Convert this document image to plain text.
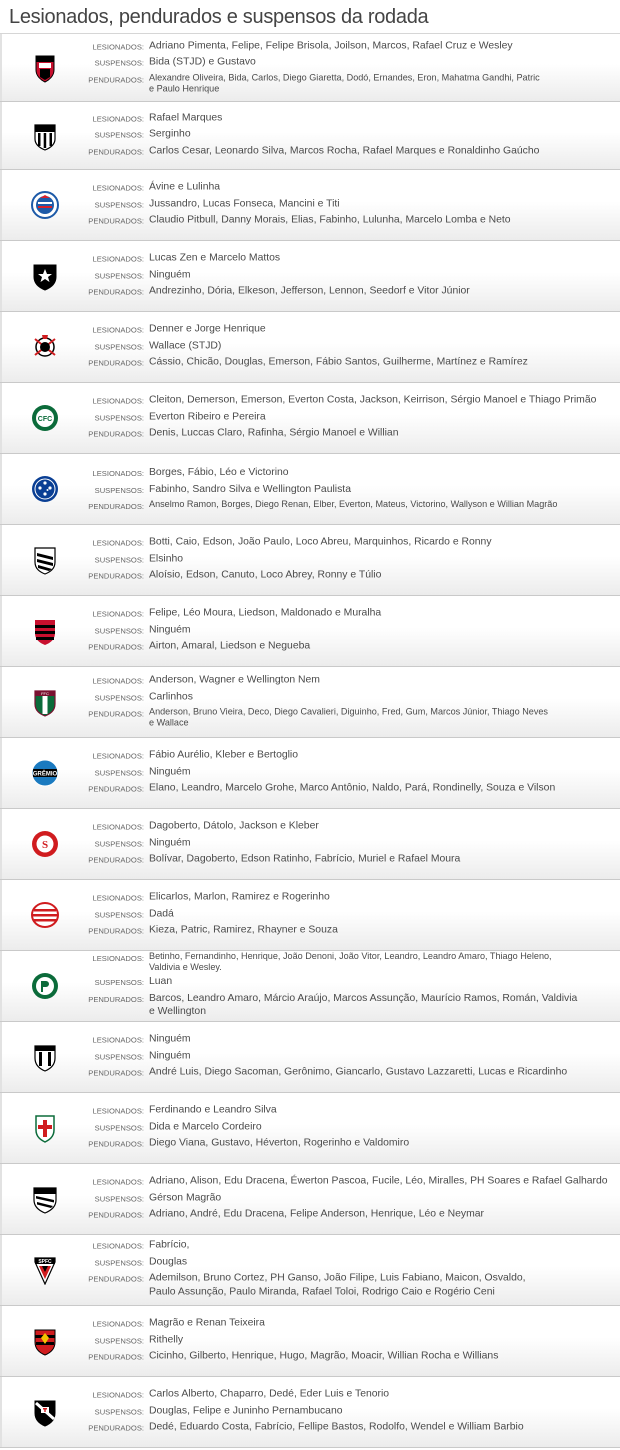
Lesionados, pendurados e suspensos da rodada
LESIONADOS: Adriano Pimenta, Felipe, Felipe Brisola, Joilson, Marcos, Rafael Cruz e Wesley
SUSPENSOS: Bida (STJD) e Gustavo
PENDURADOS: Alexandre Oliveira, Bida, Carlos, Diego Giaretta, Dodó, Ernandes, Eron, Mahatma Gandhi, Patric
e Paulo Henrique
LESIONADOS: Rafael Marques
SUSPENSOS: Serginho
PENDURADOS: Carlos Cesar, Leonardo Silva, Marcos Rocha, Rafael Marques e Ronaldinho Gaúcho
LESIONADOS: Ávine e Lulinha
SUSPENSOS: Jussandro, Lucas Fonseca, Mancini e Titi
PENDURADOS: Claudio Pitbull, Danny Morais, Elias, Fabinho, Lulunha, Marcelo Lomba e Neto
LESIONADOS: Lucas Zen e Marcelo Mattos
SUSPENSOS: Ninguém
PENDURADOS: Andrezinho, Dória, Elkeson, Jefferson, Lennon, Seedorf e Vitor Júnior
LESIONADOS: Denner e Jorge Henrique
SUSPENSOS: Wallace (STJD)
PENDURADOS: Cássio, Chicão, Douglas, Emerson, Fábio Santos, Guilherme, Martínez e Ramírez
CFC
LESIONADOS: Cleiton, Demerson, Emerson, Everton Costa, Jackson, Keirrison, Sérgio Manoel e Thiago Primão
SUSPENSOS: Everton Ribeiro e Pereira
PENDURADOS: Denis, Luccas Claro, Rafinha, Sérgio Manoel e Willian
LESIONADOS: Borges, Fábio, Léo e Victorino
SUSPENSOS: Fabinho, Sandro Silva e Wellington Paulista
PENDURADOS: Anselmo Ramon, Borges, Diego Renan, Elber, Everton, Mateus, Victorino, Wallyson e Willian Magrão
LESIONADOS: Botti, Caio, Edson, João Paulo, Loco Abreu, Marquinhos, Ricardo e Ronny
SUSPENSOS: Elsinho
PENDURADOS: Aloísio, Edson, Canuto, Loco Abrey, Ronny e Túlio
LESIONADOS: Felipe, Léo Moura, Liedson, Maldonado e Muralha
SUSPENSOS: Ninguém
PENDURADOS: Airton, Amaral, Liedson e Negueba
FFC
LESIONADOS: Anderson, Wagner e Wellington Nem
SUSPENSOS: Carlinhos
PENDURADOS: Anderson, Bruno Vieira, Deco, Diego Cavalieri, Diguinho, Fred, Gum, Marcos Júnior, Thiago Neves
e Wallace
GRÊMIO
LESIONADOS: Fábio Aurélio, Kleber e Bertoglio
SUSPENSOS: Ninguém
PENDURADOS: Elano, Leandro, Marcelo Grohe, Marco Antônio, Naldo, Pará, Rondinelly, Souza e Vilson
S
LESIONADOS: Dagoberto, Dátolo, Jackson e Kleber
SUSPENSOS: Ninguém
PENDURADOS: Bolívar, Dagoberto, Edson Ratinho, Fabrício, Muriel e Rafael Moura
LESIONADOS: Elicarlos, Marlon, Ramirez e Rogerinho
SUSPENSOS: Dadá
PENDURADOS: Kieza, Patric, Ramirez, Rhayner e Souza
LESIONADOS: Betinho, Fernandinho, Henrique, João Denoni, João Vitor, Leandro, Leandro Amaro, Thiago Heleno,
Valdivia e Wesley.
SUSPENSOS: Luan
PENDURADOS: Barcos, Leandro Amaro, Márcio Araújo, Marcos Assunção, Maurício Ramos, Román, Valdivia
e Wellington
LESIONADOS: Ninguém
SUSPENSOS: Ninguém
PENDURADOS: André Luis, Diego Sacoman, Gerônimo, Giancarlo, Gustavo Lazzaretti, Lucas e Ricardinho
LESIONADOS: Ferdinando e Leandro Silva
SUSPENSOS: Dida e Marcelo Cordeiro
PENDURADOS: Diego Viana, Gustavo, Héverton, Rogerinho e Valdomiro
LESIONADOS: Adriano, Alison, Edu Dracena, Éwerton Pascoa, Fucile, Léo, Miralles, PH Soares e Rafael Galhardo
SUSPENSOS: Gérson Magrão
PENDURADOS: Adriano, André, Edu Dracena, Felipe Anderson, Henrique, Léo e Neymar
SPFC
LESIONADOS: Fabrício,
SUSPENSOS: Douglas
PENDURADOS: Ademilson, Bruno Cortez, PH Ganso, João Filipe, Luis Fabiano, Maicon, Osvaldo,
Paulo Assunção, Paulo Miranda, Rafael Toloi, Rodrigo Caio e Rogério Ceni
LESIONADOS: Magrão e Renan Teixeira
SUSPENSOS: Rithelly
PENDURADOS: Cicinho, Gilberto, Henrique, Hugo, Magrão, Moacir, Willian Rocha e Willians
LESIONADOS: Carlos Alberto, Chaparro, Dedé, Eder Luis e Tenorio
SUSPENSOS: Douglas, Felipe e Juninho Pernambucano
PENDURADOS: Dedé, Eduardo Costa, Fabrício, Fellipe Bastos, Rodolfo, Wendel e William Barbio
